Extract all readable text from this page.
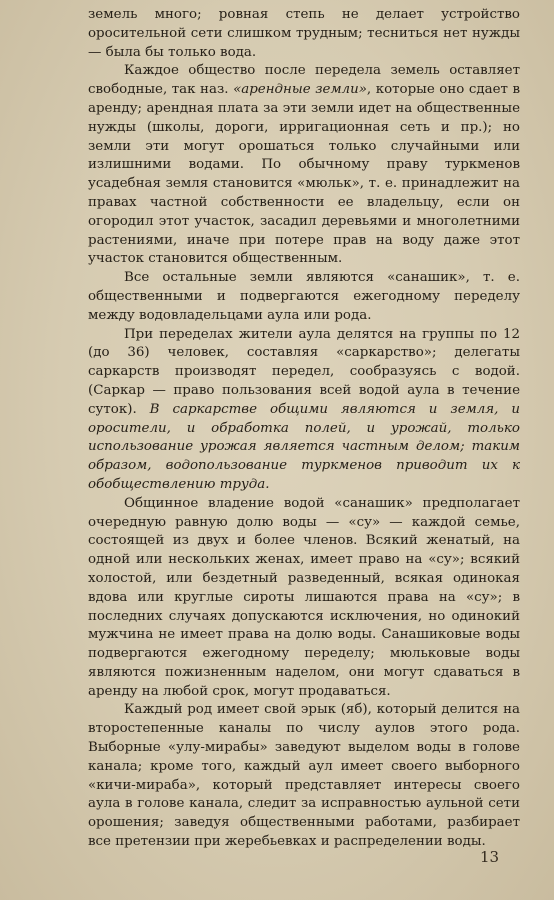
земель много; ровная степь не делает устройство оросительной сети слишком трудным; тесниться нет нужды — была бы только вода.

Каждое общество после передела земель оставляет свободные, так наз. «арендные земли», которые оно сдает в аренду; арендная плата за эти земли идет на общественные нужды (школы, дороги, ирригационная сеть и пр.); но земли эти могут орошаться только случайными или излишними водами. По обычному праву туркменов усадебная земля становится «мюльк», т. е. принадлежит на правах частной собственности ее владельцу, если он огородил этот участок, засадил деревьями и многолетними растениями, иначе при потере прав на воду даже этот участок становится общественным.

Все остальные земли являются «санашик», т. е. общественными и подвергаются ежегодному переделу между водовладельцами аула или рода.

При переделах жители аула делятся на группы по 12 (до 36) человек, составляя «саркарство»; делегаты саркарств производят передел, сообразуясь с водой. (Саркар — право пользования всей водой аула в течение суток). В саркарстве общими являются и земля, и оросители, и обработка полей, и урожай, только использование урожая является частным делом; таким образом, водопользование туркменов приводит их к обобществлению труда.

Общинное владение водой «санашик» предполагает очередную равную долю воды — «су» — каждой семье, состоящей из двух и более членов. Всякий женатый, на одной или нескольких женах, имеет право на «су»; всякий холостой, или бездетный разведенный, всякая одинокая вдова или круглые сироты лишаются права на «су»; в последних случаях допускаются исключения, но одинокий мужчина не имеет права на долю воды. Санашиковые воды подвергаются ежегодному переделу; мюльковые воды являются пожизненным наделом, они могут сдаваться в аренду на любой срок, могут продаваться.

Каждый род имеет свой эрык (яб), который делится на второстепенные каналы по числу аулов этого рода. Выборные «улу-мирабы» заведуют выделом воды в голове канала; кроме того, каждый аул имеет своего выборного «кичи-мираба», который представляет интересы своего аула в голове канала, следит за исправностью аульной сети орошения; заведуя общественными работами, разбирает все претензии при жеребьевках и распределении воды.

13
